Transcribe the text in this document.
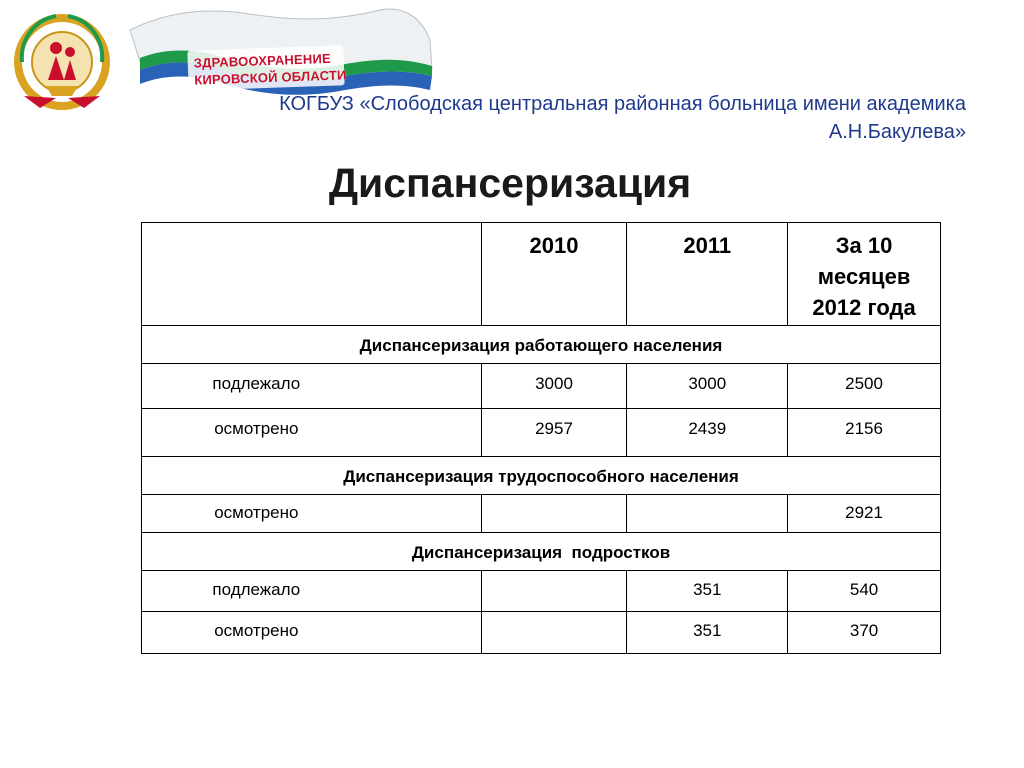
ЗДРАВООХРАНЕНИЕ
КИРОВСКОЙ ОБЛАСТИ
КОГБУЗ «Слободская центральная районная больница имени академика
А.Н.Бакулева»
Диспансеризация
	2010	2011	За 10
месяцев
2012 года

Диспансеризация работающего населения			
подлежало	3000	3000	2500
осмотрено	2957	2439	2156
Диспансеризация трудоспособного населения			
осмотрено			2921
Диспансеризация  подростков			
подлежало		351	540
осмотрено		351	370
